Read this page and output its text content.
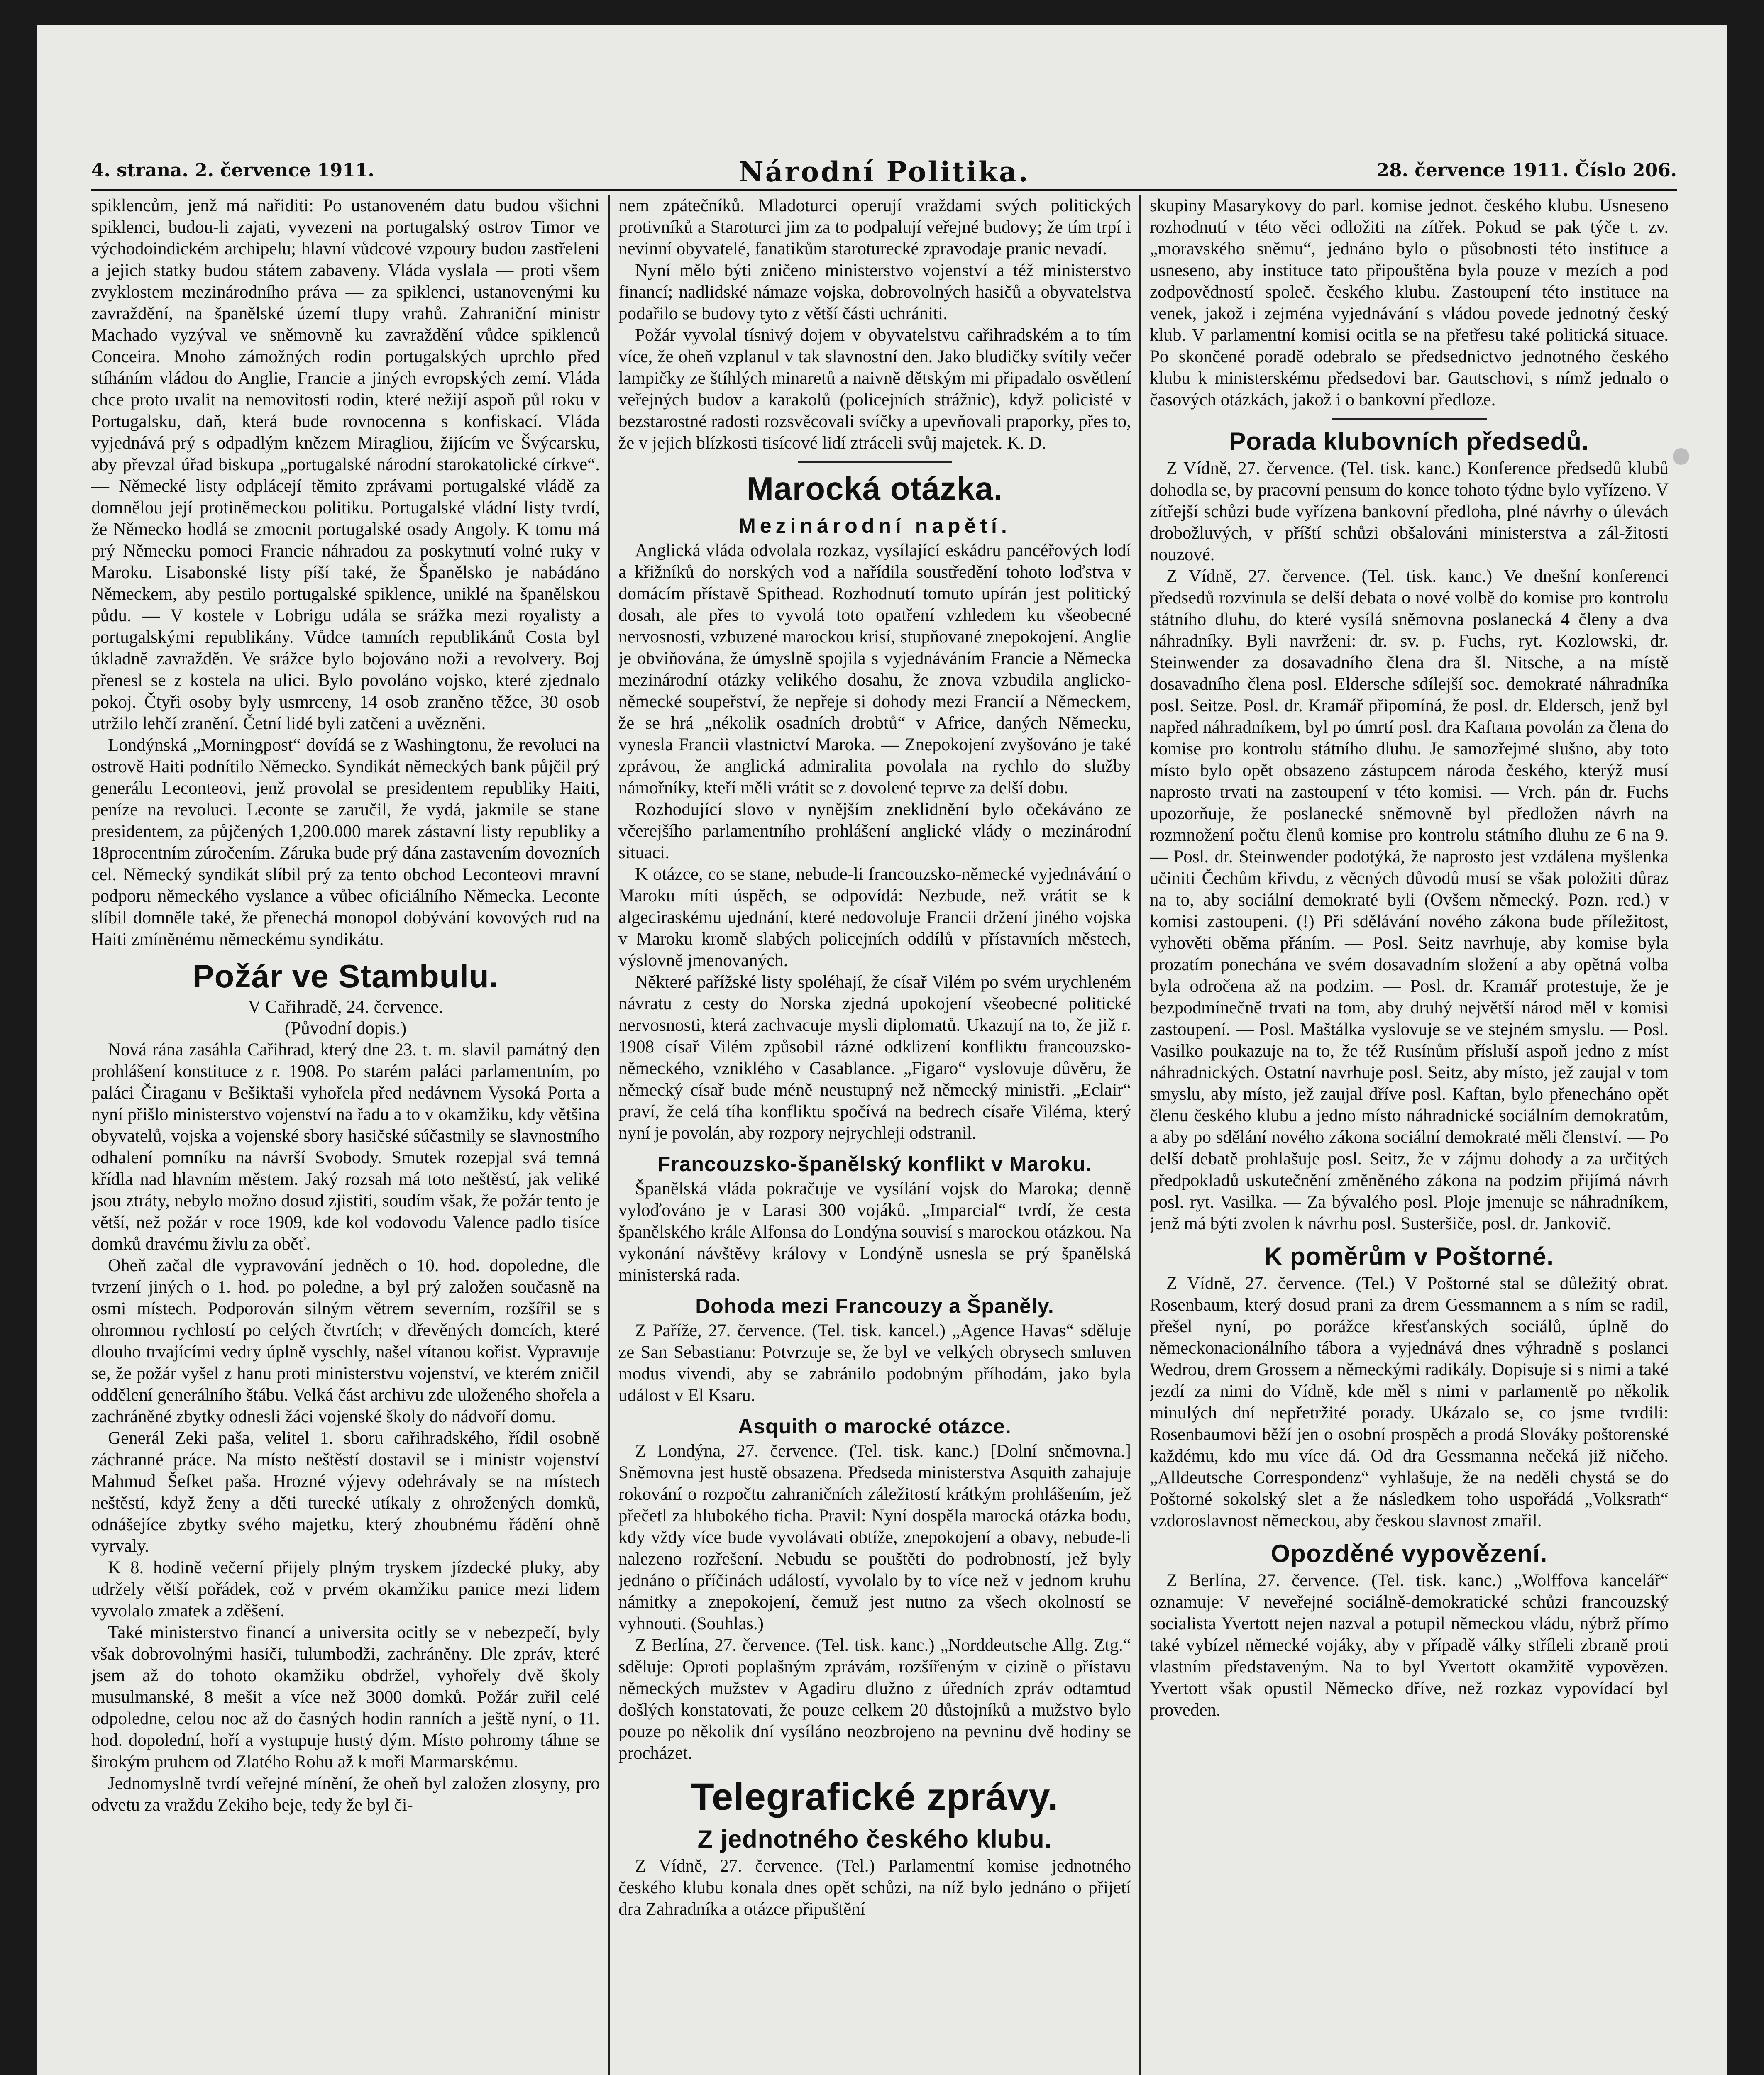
4. strana. 2. července 1911.	Národní Politika.	28. července 1911. Číslo 206.

spiklencům, jenž má nařiditi: Po ustanoveném datu budou všichni spiklenci, budou-li zajati, vyvezeni na portugalský ostrov Timor ve východoindickém archipelu; hlavní vůdcové vzpoury budou zastřeleni a jejich statky budou státem zabaveny. Vláda vyslala — proti všem zvyklostem mezinárodního práva — za spiklenci, ustanovenými ku zavraždění, na španělské území tlupy vrahů. Zahraniční ministr Machado vyzýval ve sněmovně ku zavraždění vůdce spiklenců Conceira. Mnoho zámožných rodin portugalských uprchlo před stíháním vládou do Anglie, Francie a jiných evropských zemí. Vláda chce proto uvalit na nemovitosti rodin, které nežijí aspoň půl roku v Portugalsku, daň, která bude rovnocenna s konfiskací. Vláda vyjednává prý s odpadlým knězem Miragliou, žijícím ve Švýcarsku, aby převzal úřad biskupa „portugalské národní starokatolické církve“. — Německé listy odplácejí těmito zprávami portugalské vládě za domnělou její protiněmeckou politiku. Portugalské vládní listy tvrdí, že Německo hodlá se zmocnit portugalské osady Angoly. K tomu má prý Německu pomoci Francie náhradou za poskytnutí volné ruky v Maroku. Lisabonské listy píší také, že Španělsko je nabádáno Německem, aby pestilo portugalské spiklence, uniklé na španělskou půdu. — V kostele v Lobrigu udála se srážka mezi royalisty a portugalskými republikány. Vůdce tamních republikánů Costa byl úkladně zavražděn. Ve srážce bylo bojováno noži a revolvery. Boj přenesl se z kostela na ulici. Bylo povoláno vojsko, které zjednalo pokoj. Čtyři osoby byly usmrceny, 14 osob zraněno těžce, 30 osob utržilo lehčí zranění. Četní lidé byli zatčeni a uvězněni.

Londýnská „Morningpost“ dovídá se z Washingtonu, že revoluci na ostrově Haiti podnítilo Německo. Syndikát německých bank půjčil prý generálu Leconteovi, jenž provolal se presidentem republiky Haiti, peníze na revoluci. Leconte se zaručil, že vydá, jakmile se stane presidentem, za půjčených 1,200.000 marek zástavní listy republiky a 18procentním zúročením. Záruka bude prý dána zastavením dovozních cel. Německý syndikát slíbil prý za tento obchod Leconteovi mravní podporu německého vyslance a vůbec oficiálního Německa. Leconte slíbil domněle také, že přenechá monopol dobývání kovových rud na Haiti zmíněnému německému syndikátu.

Požár ve Stambulu.
V Cařihradě, 24. července.
(Původní dopis.)

Nová rána zasáhla Cařihrad, který dne 23. t. m. slavil památný den prohlášení konstituce z r. 1908. Po starém paláci parlamentním, po paláci Čiraganu v Bešiktaši vyhořela před nedávnem Vysoká Porta a nyní přišlo ministerstvo vojenství na řadu a to v okamžiku, kdy většina obyvatelů, vojska a vojenské sbory hasičské súčastnily se slavnostního odhalení pomníku na návrší Svobody. Smutek rozepjal svá temná křídla nad hlavním městem. Jaký rozsah má toto neštěstí, jak veliké jsou ztráty, nebylo možno dosud zjistiti, soudím však, že požár tento je větší, než požár v roce 1909, kde kol vodovodu Valence padlo tisíce domků dravému živlu za oběť.

Oheň začal dle vypravování jedněch o 10. hod. dopoledne, dle tvrzení jiných o 1. hod. po poledne, a byl prý založen současně na osmi místech. Podporován silným větrem severním, rozšířil se s ohromnou rychlostí po celých čtvrtích; v dřevěných domcích, které dlouho trvajícími vedry úplně vyschly, našel vítanou kořist. Vypravuje se, že požár vyšel z hanu proti ministerstvu vojenství, ve kterém zničil oddělení generálního štábu. Velká část archivu zde uloženého shořela a zachráněné zbytky odnesli žáci vojenské školy do nádvoří domu.

Generál Zeki paša, velitel 1. sboru cařihradského, řídil osobně záchranné práce. Na místo neštěstí dostavil se i ministr vojenství Mahmud Šefket paša. Hrozné výjevy odehrávaly se na místech neštěstí, když ženy a děti turecké utíkaly z ohrožených domků, odnášejíce zbytky svého majetku, který zhoubnému řádění ohně vyrvaly.

K 8. hodině večerní přijely plným tryskem jízdecké pluky, aby udržely větší pořádek, což v prvém okamžiku panice mezi lidem vyvolalo zmatek a zděšení.

Také ministerstvo financí a universita ocitly se v nebezpečí, byly však dobrovolnými hasiči, tulumbodži, zachráněny. Dle zpráv, které jsem až do tohoto okamžiku obdržel, vyhořely dvě školy musulmanské, 8 mešit a více než 3000 domků. Požár zuřil celé odpoledne, celou noc až do časných hodin ranních a ještě nyní, o 11. hod. dopolední, hoří a vystupuje hustý dým. Místo pohromy táhne se širokým pruhem od Zlatého Rohu až k moři Marmarskému.

Jednomyslně tvrdí veřejné mínění, že oheň byl založen zlosyny, pro odvetu za vraždu Zekiho beje, tedy že byl či-

nem zpátečníků. Mladoturci operují vraždami svých politických protivníků a Staroturci jim za to podpalují veřejné budovy; že tím trpí i nevinní obyvatelé, fanatikům staroturecké zpravodaje pranic nevadí.

Nyní mělo býti zničeno ministerstvo vojenství a též ministerstvo financí; nadlidské námaze vojska, dobrovolných hasičů a obyvatelstva podařilo se budovy tyto z větší části uchrániti.

Požár vyvolal tísnivý dojem v obyvatelstvu cařihradském a to tím více, že oheň vzplanul v tak slavnostní den. Jako bludičky svítily večer lampičky ze štíhlých minaretů a naivně dětským mi připadalo osvětlení veřejných budov a karakolů (policejních strážnic), když policisté v bezstarostné radosti rozsvěcovali svíčky a upevňovali praporky, přes to, že v jejich blízkosti tisícové lidí ztráceli svůj majetek. K. D.

Marocká otázka.
Mezinárodní napětí.

Anglická vláda odvolala rozkaz, vysílající eskádru pancéřových lodí a křižníků do norských vod a nařídila soustředění tohoto loďstva v domácím přístavě Spithead. Rozhodnutí tomuto upírán jest politický dosah, ale přes to vyvolá toto opatření vzhledem ku všeobecné nervosnosti, vzbuzené marockou krisí, stupňované znepokojení. Anglie je obviňována, že úmyslně spojila s vyjednáváním Francie a Německa mezinárodní otázky velikého dosahu, že znova vzbudila anglicko-německé soupeřství, že nepřeje si dohody mezi Francií a Německem, že se hrá „nékolik osadních drobtů“ v Africe, daných Německu, vynesla Francii vlastnictví Maroka. — Znepokojení zvyšováno je také zprávou, že anglická admiralita povolala na rychlo do služby námořníky, kteří měli vrátit se z dovolené teprve za delší dobu.

Rozhodující slovo v nynějším zneklidnění bylo očekáváno ze včerejšího parlamentního prohlášení anglické vlády o mezinárodní situaci.

K otázce, co se stane, nebude-li francouzsko-německé vyjednávání o Maroku míti úspěch, se odpovídá: Nezbude, než vrátit se k algeciraskému ujednání, které nedovoluje Francii držení jiného vojska v Maroku kromě slabých policejních oddílů v přístavních městech, výslovně jmenovaných.

Některé pařížské listy spoléhají, že císař Vilém po svém urychleném návratu z cesty do Norska zjedná upokojení všeobecné politické nervosnosti, která zachvacuje mysli diplomatů. Ukazují na to, že již r. 1908 císař Vilém způsobil rázné odklizení konfliktu francouzsko-německého, vzniklého v Casablance. „Figaro“ vyslovuje důvěru, že německý císař bude méně neustupný než německý ministři. „Eclair“ praví, že celá tíha konfliktu spočívá na bedrech císaře Viléma, který nyní je povolán, aby rozpory nejrychleji odstranil.

Francouzsko-španělský konflikt v Maroku.

Španělská vláda pokračuje ve vysílání vojsk do Maroka; denně vyloďováno je v Larasi 300 vojáků. „Imparcial“ tvrdí, že cesta španělského krále Alfonsa do Londýna souvisí s marockou otázkou. Na vykonání návštěvy královy v Londýně usnesla se prý španělská ministerská rada.

Dohoda mezi Francouzy a Španěly.

Z Paříže, 27. července. (Tel. tisk. kancel.) „Agence Havas“ sděluje ze San Sebastianu: Potvrzuje se, že byl ve velkých obrysech smluven modus vivendi, aby se zabránilo podobným příhodám, jako byla událost v El Ksaru.

Asquith o marocké otázce.

Z Londýna, 27. července. (Tel. tisk. kanc.) [Dolní sněmovna.] Sněmovna jest hustě obsazena. Předseda ministerstva Asquith zahajuje rokování o rozpočtu zahraničních záležitostí krátkým prohlášením, jež přečetl za hlubokého ticha. Pravil: Nyní dospěla marocká otázka bodu, kdy vždy více bude vyvolávati obtíže, znepokojení a obavy, nebude-li nalezeno rozřešení. Nebudu se pouštěti do podrobností, jež byly jednáno o příčinách událostí, vyvolalo by to více než v jednom kruhu námitky a znepokojení, čemuž jest nutno za všech okolností se vyhnouti. (Souhlas.)

Z Berlína, 27. července. (Tel. tisk. kanc.) „Norddeutsche Allg. Ztg.“ sděluje: Oproti poplašným zprávám, rozšířeným v cizině o přístavu německých mužstev v Agadiru dlužno z úředních zpráv odtamtud došlých konstatovati, že pouze celkem 20 důstojníků a mužstvo bylo pouze po několik dní vysíláno neozbrojeno na pevninu dvě hodiny se procházet.

Telegrafické zprávy.
Z jednotného českého klubu.

Z Vídně, 27. července. (Tel.) Parlamentní komise jednotného českého klubu konala dnes opět schůzi, na níž bylo jednáno o přijetí dra Zahradníka a otázce připuštění

skupiny Masarykovy do parl. komise jednot. českého klubu. Usneseno rozhodnutí v této věci odložiti na zítřek. Pokud se pak týče t. zv. „moravského sněmu“, jednáno bylo o působnosti této instituce a usneseno, aby instituce tato připouštěna byla pouze v mezích a pod zodpovědností společ. českého klubu. Zastoupení této instituce na venek, jakož i zejména vyjednávání s vládou povede jednotný český klub. V parlamentní komisi ocitla se na přetřesu také politická situace. Po skončené poradě odebralo se předsednictvo jednotného českého klubu k ministerskému předsedovi bar. Gautschovi, s nímž jednalo o časových otázkách, jakož i o bankovní předloze.

Porada klubovních předsedů.

Z Vídně, 27. července. (Tel. tisk. kanc.) Konference předsedů klubů dohodla se, by pracovní pensum do konce tohoto týdne bylo vyřízeno. V zítřejší schůzi bude vyřízena bankovní předloha, plné návrhy o úlevách drobožluvých, v příští schůzi obšalováni ministerstva a zál-žitosti nouzové.

Z Vídně, 27. července. (Tel. tisk. kanc.) Ve dnešní konferenci předsedů rozvinula se delší debata o nové volbě do komise pro kontrolu státního dluhu, do které vysílá sněmovna poslanecká 4 členy a dva náhradníky. Byli navrženi: dr. sv. p. Fuchs, ryt. Kozlowski, dr. Steinwender za dosavadního člena dra šl. Nitsche, a na místě dosavadního člena posl. Eldersche sdílejší soc. demokraté náhradníka posl. Seitze. Posl. dr. Kramář připomíná, že posl. dr. Eldersch, jenž byl napřed náhradníkem, byl po úmrtí posl. dra Kaftana povolán za člena do komise pro kontrolu státního dluhu. Je samozřejmé slušno, aby toto místo bylo opět obsazeno zástupcem národa českého, kterýž musí naprosto trvati na zastoupení v této komisi. — Vrch. pán dr. Fuchs upozorňuje, že poslanecké sněmovně byl předložen návrh na rozmnožení počtu členů komise pro kontrolu státního dluhu ze 6 na 9. — Posl. dr. Steinwender podotýká, že naprosto jest vzdálena myšlenka učiniti Čechům křivdu, z věcných důvodů musí se však položiti důraz na to, aby sociální demokraté byli (Ovšem německý. Pozn. red.) v komisi zastoupeni. (!) Při sdělávání nového zákona bude příležitost, vyhověti oběma přáním. — Posl. Seitz navrhuje, aby komise byla prozatím ponechána ve svém dosavadním složení a aby opětná volba byla odročena až na podzim. — Posl. dr. Kramář protestuje, že je bezpodmínečně trvati na tom, aby druhý největší národ měl v komisi zastoupení. — Posl. Maštálka vyslovuje se ve stejném smyslu. — Posl. Vasilko poukazuje na to, že též Rusínům přísluší aspoň jedno z míst náhradnických. Ostatní navrhuje posl. Seitz, aby místo, jež zaujal v tom smyslu, aby místo, jež zaujal dříve posl. Kaftan, bylo přenecháno opět členu českého klubu a jedno místo náhradnické sociálním demokratům, a aby po sdělání nového zákona sociální demokraté měli členství. — Po delší debatě prohlašuje posl. Seitz, že v zájmu dohody a za určitých předpokladů uskutečnění změněného zákona na podzim přijímá návrh posl. ryt. Vasilka. — Za bývalého posl. Ploje jmenuje se náhradníkem, jenž má býti zvolen k návrhu posl. Susteršiče, posl. dr. Jankovič.

K poměrům v Poštorné.

Z Vídně, 27. července. (Tel.) V Poštorné stal se důležitý obrat. Rosenbaum, který dosud prani za drem Gessmannem a s ním se radil, přešel nyní, po porážce křesťanských sociálů, úplně do německonacionálního tábora a vyjednává dnes výhradně s poslanci Wedrou, drem Grossem a německými radikály. Dopisuje si s nimi a také jezdí za nimi do Vídně, kde měl s nimi v parlamentě po několik minulých dní nepřetržité porady. Ukázalo se, co jsme tvrdili: Rosenbaumovi běží jen o osobní prospěch a prodá Slováky poštorenské každému, kdo mu více dá. Od dra Gessmanna nečeká již ničeho. „Alldeutsche Correspondenz“ vyhlašuje, že na neděli chystá se do Poštorné sokolský slet a že následkem toho uspořádá „Volksrath“ vzdoroslavnost německou, aby českou slavnost zmařil.

Opozděné vypovězení.

Z Berlína, 27. července. (Tel. tisk. kanc.) „Wolffova kancelář“ oznamuje: V neveřejné sociálně-demokratické schůzi francouzský socialista Yvertott nejen nazval a potupil německou vládu, nýbrž přímo také vybízel německé vojáky, aby v případě války stříleli zbraně proti vlastním představeným. Na to byl Yvertott okamžitě vypovězen. Yvertott však opustil Německo dříve, než rozkaz vypovídací byl proveden.
